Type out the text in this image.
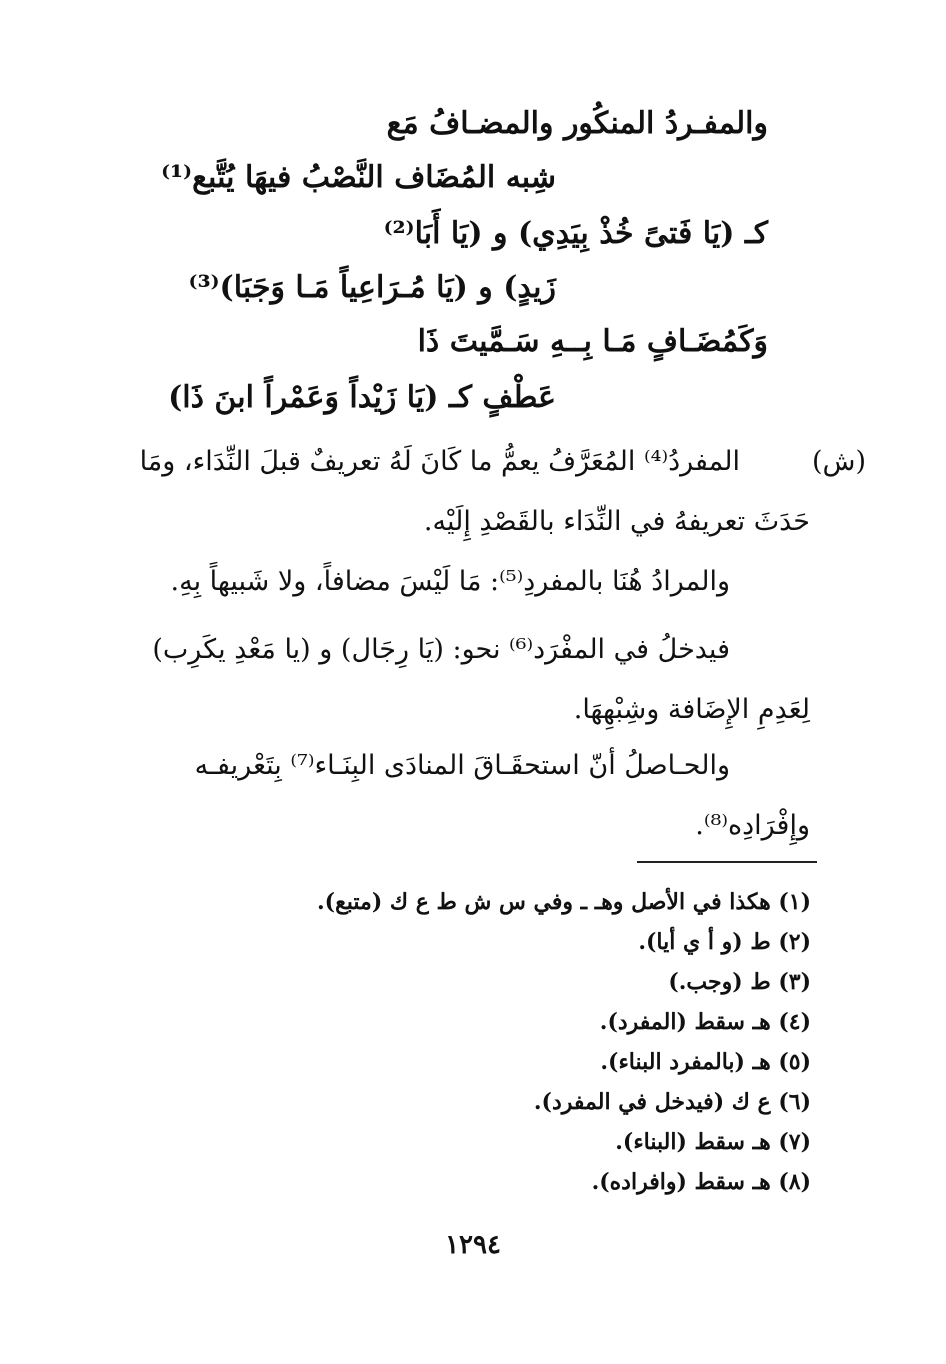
والمفـردُ المنكُور والمضـافُ مَع
شِبه المُضَاف النَّصْبُ فيهَا يُتَّبع⁽¹⁾
كـ (يَا فَتىً خُذْ بِيَدِي) و (يَا أَبَا⁽²⁾
زَيدٍ) و (يَا مُـرَاعِياً مَـا وَجَبَا)⁽³⁾
وَكَمُضَـافٍ مَـا بِــهِ سَـمَّيتَ ذَا
عَطْفٍ كـ (يَا زَيْداً وَعَمْراً ابنَ ذَا)
(ش)
المفردُ⁽⁴⁾ المُعَرَّفُ يعمُّ ما كَانَ لَهُ تعريفٌ قبلَ النِّدَاء، ومَا
حَدَثَ تعريفهُ في النِّدَاء بالقَصْدِ إِلَيْه.
والمرادُ هُنَا بالمفردِ⁽⁵⁾: مَا لَيْسَ مضافاً، ولا شَبيهاً بِهِ.
فيدخلُ في المفْرَد⁽⁶⁾ نحو: (يَا رِجَال) و (يا مَعْدِ يكَرِب)
لِعَدِمِ الإِضَافة وشِبْهِهَا.
والحـاصلُ أنّ استحقَـاقَ المنادَى البِنَـاء⁽⁷⁾ بِتَعْريفـه
وإِفْرَادِه⁽⁸⁾.
(١) هكذا في الأصل وهـ ـ وفي س ش ط ع ك (متبع).
(٢) ط (و أ ي أيا).
(٣) ط (وجب.)
(٤) هـ سقط (المفرد).
(٥) هـ (بالمفرد البناء).
(٦) ع ك (فيدخل في المفرد).
(٧) هـ سقط (البناء).
(٨) هـ سقط (وافراده).
١٢٩٤
